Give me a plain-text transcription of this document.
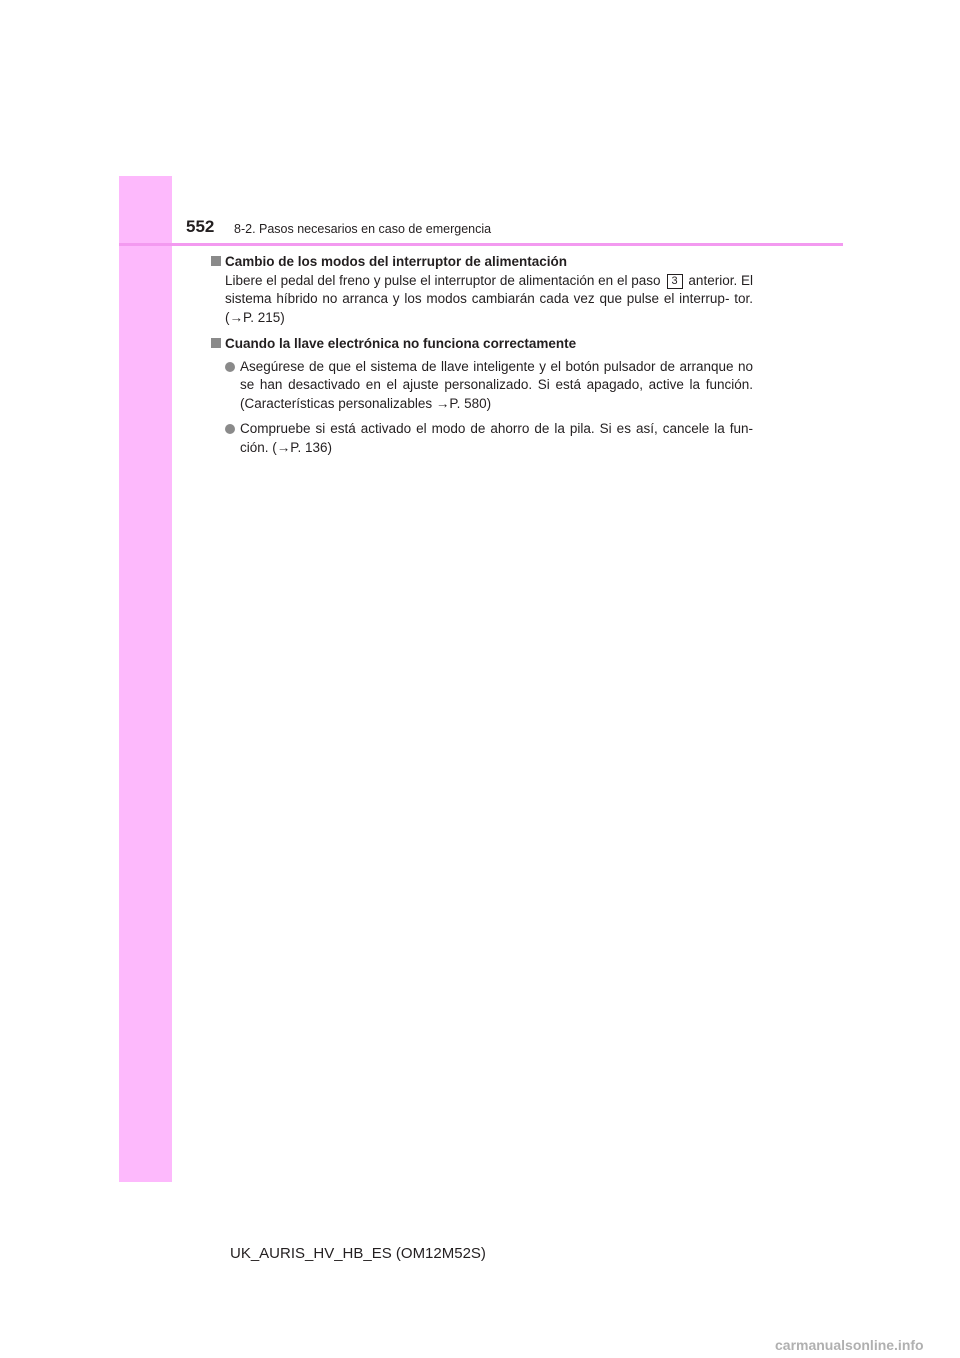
552 8-2. Pasos necesarios en caso de emergencia
Cambio de los modos del interruptor de alimentación
Libere el pedal del freno y pulse el interruptor de alimentación en el paso 3 anterior. El sistema híbrido no arranca y los modos cambiarán cada vez que pulse el interrup- tor. (→P. 215)
Cuando la llave electrónica no funciona correctamente
Asegúrese de que el sistema de llave inteligente y el botón pulsador de arranque no se han desactivado en el ajuste personalizado. Si está apagado, active la función. (Características personalizables →P. 580)
Compruebe si está activado el modo de ahorro de la pila. Si es así, cancele la fun- ción. (→P. 136)
UK_AURIS_HV_HB_ES (OM12M52S)
carmanualsonline.info
